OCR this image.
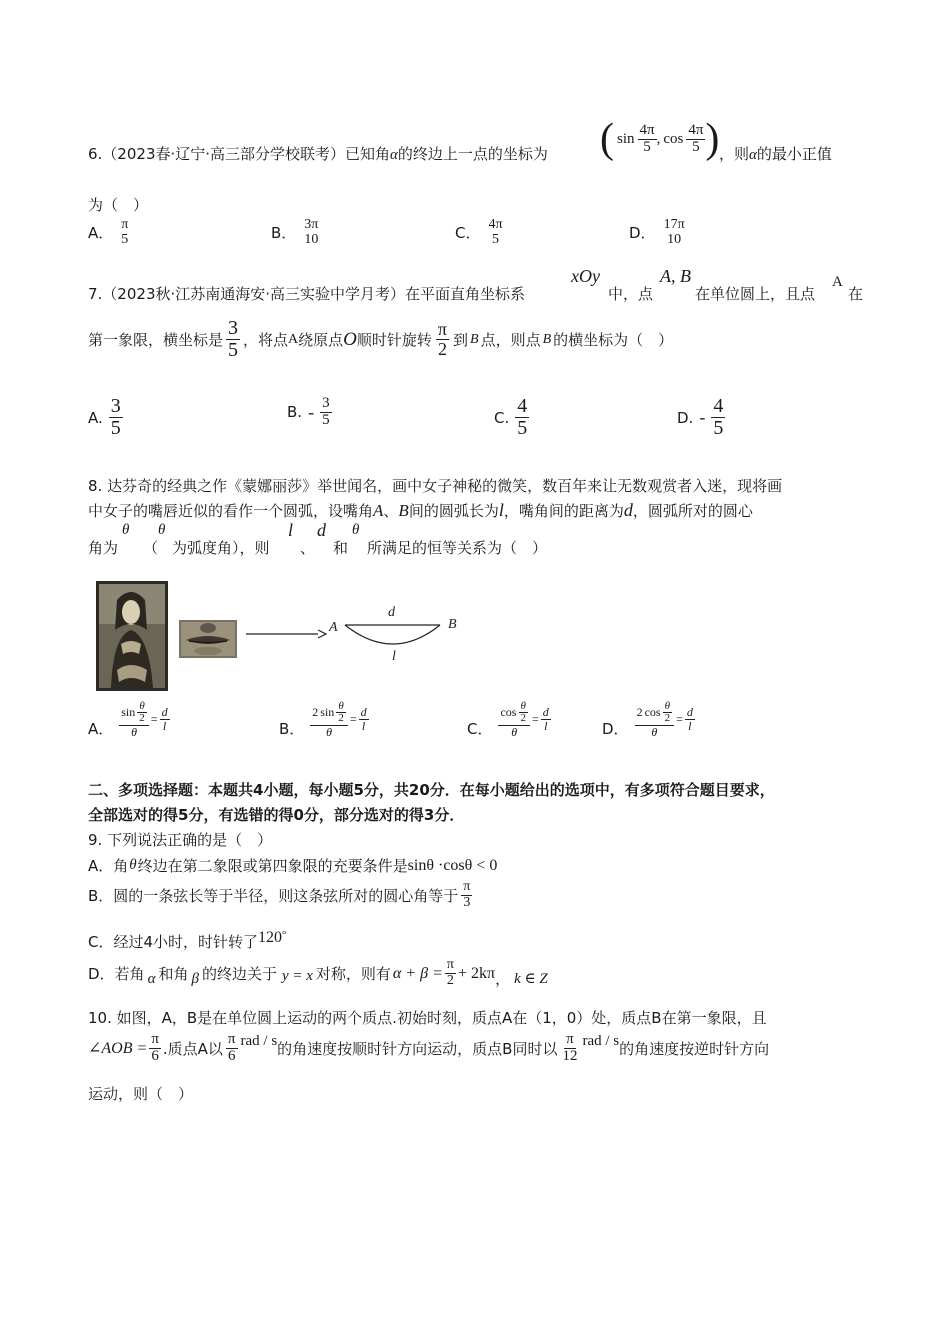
6.（2023春·辽宁·高三部分学校联考）已知角α的终边上一点的坐标为 ( $\sin \frac{4\pi}{5}$ , $\cos \frac{4\pi}{5}$ ) ，则α的最小正值
为（　）
A． π
5	B． 3π
10	C． 4π
5	D． 17π
10
7.（2023秋·江苏南通海安·高三实验中学月考）在平面直角坐标系
xOy
中，点
A, B
在单位圆上，且点
A
在
第一象限，横坐标是 $\frac{3}{5}$ ，将点 A 绕原点 O 顺时针旋转 $\frac{\pi}{2}$ 到 B 点，则点 B 的横坐标为（　）
A. $\frac{3}{5}$	B. - $\frac{3}{5}$	C. $\frac{4}{5}$	D. - $\frac{4}{5}$
8. 达芬奇的经典之作《蒙娜丽莎》举世闻名，画中女子神秘的微笑，数百年来让无数观赏者入迷，现将画
中女子的嘴唇近似的看作一个圆弧，设嘴角A、B间的圆弧长为l，嘴角间的距离为d，圆弧所对的圆心
角为
θ
（
θ
为弧度角），则
l
、
d
和
θ
所满足的恒等关系为（　）
A	B
d
l
A． $\frac{\sin \frac{\theta}{2}}{\theta} = \frac{d}{l}$	B． $\frac{2 \sin \frac{\theta}{2}}{\theta} = \frac{d}{l}$	C． $\frac{\cos \frac{\theta}{2}}{\theta} = \frac{d}{l}$	D． $\frac{2 \cos \frac{\theta}{2}}{\theta} = \frac{d}{l}$
二、多项选择题：本题共4小题，每小题5分，共20分．在每小题给出的选项中，有多项符合题目要求，
全部选对的得5分，有选错的得0分，部分选对的得3分．
9. 下列说法正确的是（　）
A．角 θ 终边在第二象限或第四象限的充要条件是 sinθ ·cosθ < 0
B．圆的一条弦长等于半径，则这条弦所对的圆心角等于 $\frac{\pi}{3}$
C．经过4小时，时针转了 120 °
D．若角 α 和角 β 的终边关于 y = x 对称，则有 $\alpha + \beta = \frac{\pi}{2} + 2k\pi$ ， k ∈ Z
10. 如图，A，B是在单位圆上运动的两个质点.初始时刻，质点A在（1，0）处，质点B在第一象限，且
∠AOB = $\frac{\pi}{6}$ .质点A以 $\frac{\pi}{6}$ rad / s 的角速度按顺时针方向运动，质点B同时以 $\frac{\pi}{12}$ rad / s 的角速度按逆时针方向
运动，则（　）
